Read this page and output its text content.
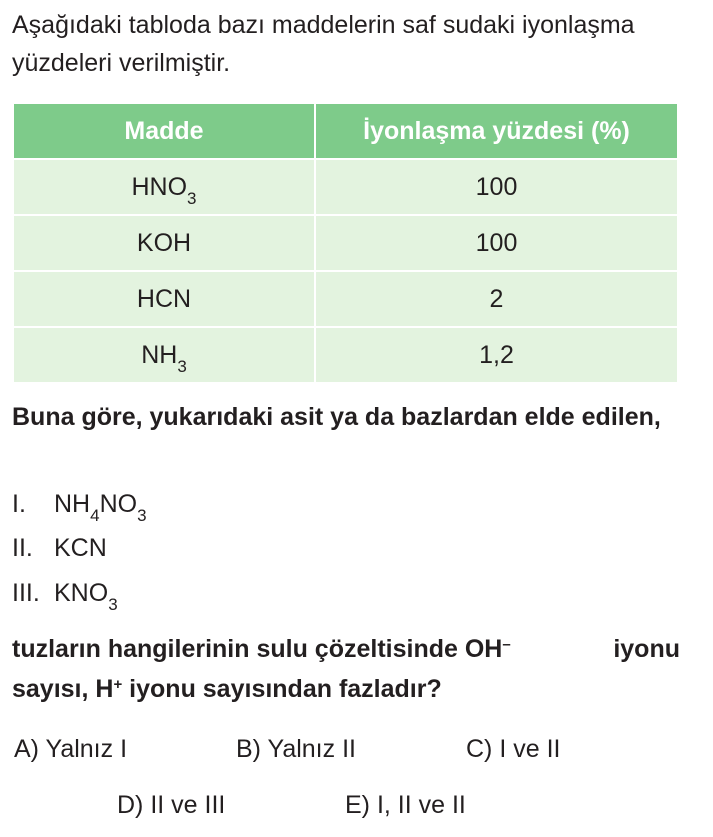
Aşağıdaki tabloda bazı maddelerin saf sudaki iyonlaşma yüzdeleri verilmiştir.
Madde	İyonlaşma yüzdesi (%)
$HNO_3$	100
KOH	100
HCN	2
$NH_3$	1,2
Buna göre, yukarıdaki asit ya da bazlardan elde edilen,
I. $NH_4NO_3$
II. KCN
III. $KNO_3$
tuzların hangilerinin sulu çözeltisinde OH–	iyonu
sayısı, H+ iyonu sayısından fazladır?
A) Yalnız I	B) Yalnız II	C) I ve II
D) II ve III	E) I, II ve II
